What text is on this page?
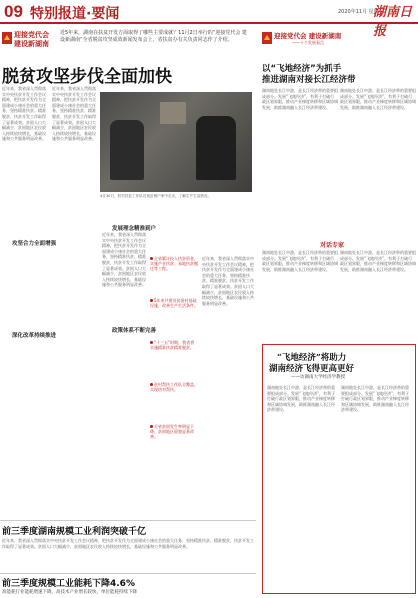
09 特别报道·要闻	2020年11月 星期
湖南日报
迎接党代会
建设新湖南
近5年来，湖南在扶贫开发方面取得了哪些主要成就？11月2日举行的“迎接党代会 建设新湖南”全省脱贫攻坚成效新闻发布会上，省扶贫办有关负责同志作了介绍。
脱贫攻坚步伐全面加快
近年来，我省深入贯彻落实中央扶贫开发工作会议精神，把扶贫开发作为全面建成小康社会的重大任务，坚持精准扶贫、精准脱贫，扶贫开发工作取得了显著成效。贫困人口大幅减少，贫困地区农民收入持续较快增长，基础设施和公共服务明显改善。
近年来，我省深入贯彻落实中央扶贫开发工作会议精神，把扶贫开发作为全面建成小康社会的重大任务，坚持精准扶贫、精准脱贫，扶贫开发工作取得了显著成效。贫困人口大幅减少，贫困地区农民收入持续较快增长，基础设施和公共服务明显改善。
攻坚合力全面增强
深化改革持续推进
4月30日，驻村扶贫工作队员到贫困户家中走访，了解生产生活情况。
发展理念精准到户
近年来，我省深入贯彻落实中央扶贫开发工作会议精神，把扶贫开发作为全面建成小康社会的重大任务，坚持精准扶贫、精准脱贫，扶贫开发工作取得了显著成效。贫困人口大幅减少，贫困地区农民收入持续较快增长，基础设施和公共服务明显改善。
政策体系不断完善
全省累计投入扶贫资金，实施产业扶贫、易地扶贫搬迁等工程。
5年来共建设贫困村基础设施，改善生产生活条件。
“十三五”时期，我省将实施精准扶贫精准脱贫。
驻村帮扶工作队全覆盖，实现结对帮扶。
全省贫困发生率明显下降，贫困地区面貌显著改善。
近年来，我省深入贯彻落实中央扶贫开发工作会议精神，把扶贫开发作为全面建成小康社会的重大任务，坚持精准扶贫、精准脱贫，扶贫开发工作取得了显著成效。贫困人口大幅减少，贫困地区农民收入持续较快增长，基础设施和公共服务明显改善。
前三季度湖南规模工业利润突破千亿
近年来，我省深入贯彻落实中央扶贫开发工作会议精神，把扶贫开发作为全面建成小康社会的重大任务，坚持精准扶贫、精准脱贫，扶贫开发工作取得了显著成效。贫困人口大幅减少，贫困地区农民收入持续较快增长，基础设施和公共服务明显改善。
前三季度规模工业能耗下降4.6%
高能耗行业能耗增速下降，高技术产业增长较快，单位能耗持续下降
迎接党代会 建设新湖南
——十个发展看点
以“飞地经济”为抓手
推进湖南对接长江经济带
湖南地处长江中游，是长江经济带的重要组成部分。发展“飞地经济”，有利于打破行政区划界限，推动产业梯度转移和区域协调发展，助推湖南融入长江经济带建设。
湖南地处长江中游，是长江经济带的重要组成部分。发展“飞地经济”，有利于打破行政区划界限，推动产业梯度转移和区域协调发展，助推湖南融入长江经济带建设。
对话专家
湖南地处长江中游，是长江经济带的重要组成部分。发展“飞地经济”，有利于打破行政区划界限，推动产业梯度转移和区域协调发展，助推湖南融入长江经济带建设。
湖南地处长江中游，是长江经济带的重要组成部分。发展“飞地经济”，有利于打破行政区划界限，推动产业梯度转移和区域协调发展，助推湖南融入长江经济带建设。
“飞地经济”将助力
湖南经济飞得更高更好
——访湖南大学经济学教授
湖南地处长江中游，是长江经济带的重要组成部分。发展“飞地经济”，有利于打破行政区划界限，推动产业梯度转移和区域协调发展，助推湖南融入长江经济带建设。
湖南地处长江中游，是长江经济带的重要组成部分。发展“飞地经济”，有利于打破行政区划界限，推动产业梯度转移和区域协调发展，助推湖南融入长江经济带建设。
